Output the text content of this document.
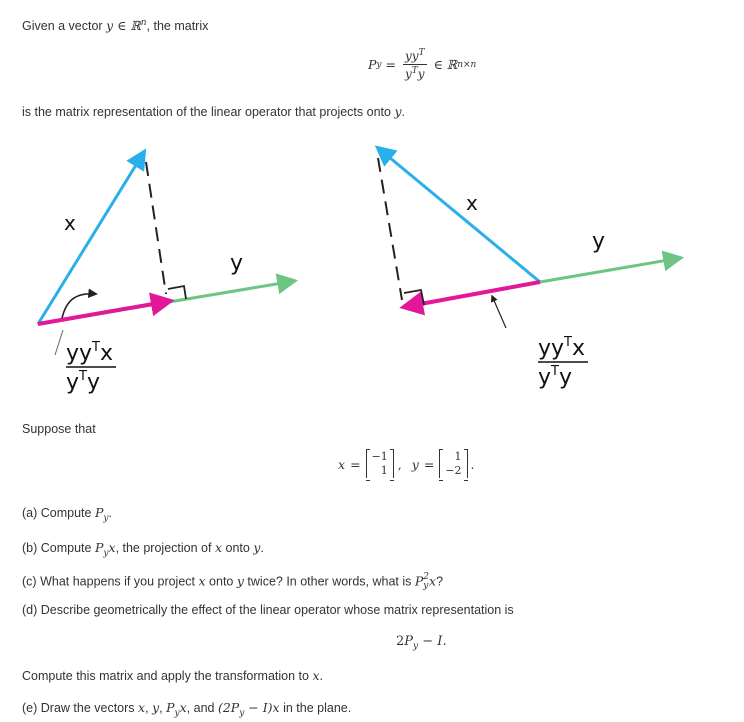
Given a vector y ∈ ℝ$^n$, the matrix
P $y = \frac{yy^T}{y^Ty}$ ∈ ℝ n×n
is the matrix representation of the linear operator that projects onto y.
x
y
$yy^Tx$
$y^Ty$
x
y
$yy^Tx$
$y^Ty$
Suppose that
x = −1
1 , y = 1
−2 .
(a) Compute $P_y$.
(b) Compute $P_yx$, the projection of x onto y.
(c) What happens if you project x onto y twice? In other words, what is P 2
y x?
(d) Describe geometrically the effect of the linear operator whose matrix representation is
$2P_y - I$.
Compute this matrix and apply the transformation to x.
(e) Draw the vectors x, y, $P_yx$, and $(2P_y - I)x$ in the plane.
